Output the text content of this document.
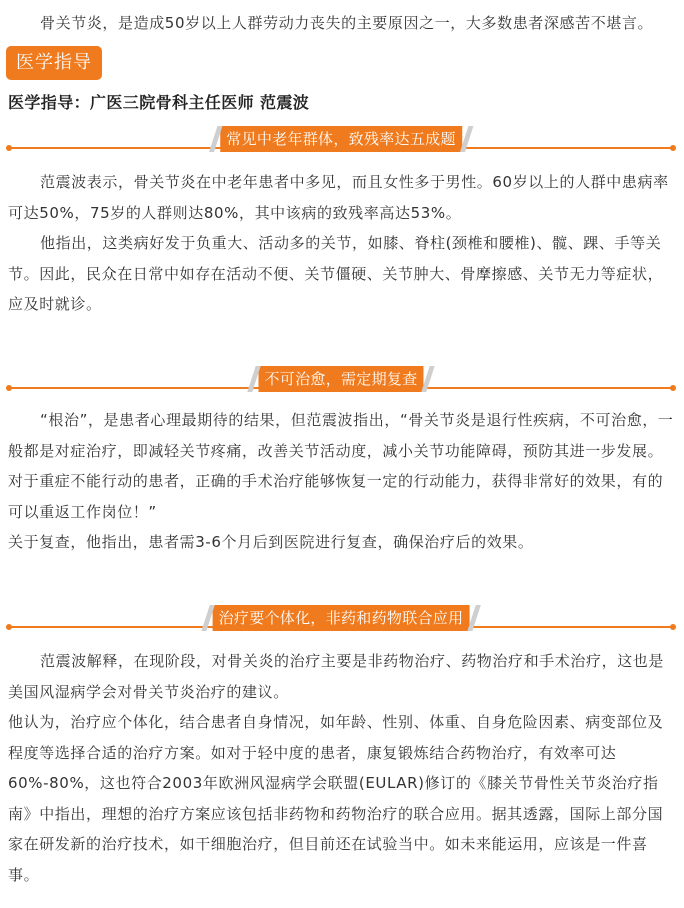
骨关节炎，是造成50岁以上人群劳动力丧失的主要原因之一，大多数患者深感苦不堪言。

医学指导
医学指导：广医三院骨科主任医师 范震波
常见中老年群体，致残率达五成题

范震波表示，骨关节炎在中老年患者中多见，而且女性多于男性。60岁以上的人群中患病率可达50%，75岁的人群则达80%，其中该病的致残率高达53%。

他指出，这类病好发于负重大、活动多的关节，如膝、脊柱(颈椎和腰椎)、髋、踝、手等关节。因此，民众在日常中如存在活动不便、关节僵硬、关节肿大、骨摩擦感、关节无力等症状，应及时就诊。

不可治愈，需定期复查

“根治”，是患者心理最期待的结果，但范震波指出，“骨关节炎是退行性疾病，不可治愈，一般都是对症治疗，即减轻关节疼痛，改善关节活动度，减小关节功能障碍，预防其进一步发展。对于重症不能行动的患者，正确的手术治疗能够恢复一定的行动能力，获得非常好的效果，有的可以重返工作岗位！”

关于复查，他指出，患者需3-6个月后到医院进行复查，确保治疗后的效果。

治疗要个体化，非药和药物联合应用

范震波解释，在现阶段，对骨关炎的治疗主要是非药物治疗、药物治疗和手术治疗，这也是美国风湿病学会对骨关节炎治疗的建议。

他认为，治疗应个体化，结合患者自身情况，如年龄、性别、体重、自身危险因素、病变部位及程度等选择合适的治疗方案。如对于轻中度的患者，康复锻炼结合药物治疗，有效率可达60%-80%，这也符合2003年欧洲风湿病学会联盟(EULAR)修订的《膝关节骨性关节炎治疗指南》中指出，理想的治疗方案应该包括非药物和药物治疗的联合应用。据其透露，国际上部分国家在研发新的治疗技术，如干细胞治疗，但目前还在试验当中。如未来能运用，应该是一件喜事。
